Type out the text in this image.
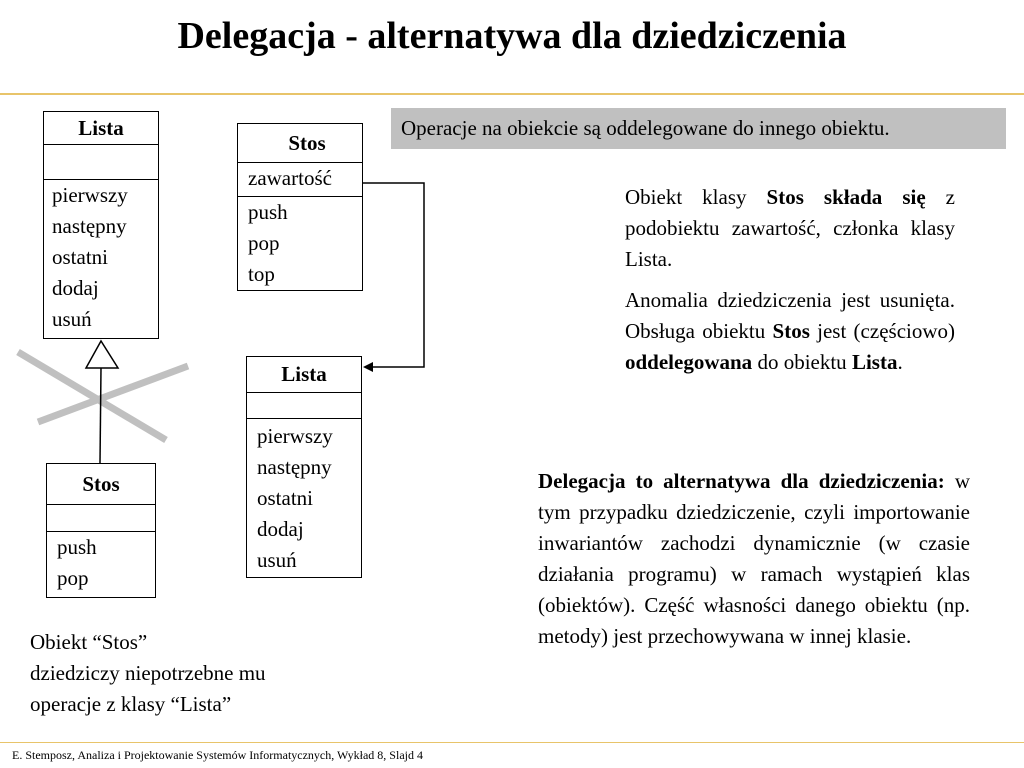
Delegacja - alternatywa dla dziedziczenia
Lista
pierwszy
następny
ostatni
dodaj
usuń
Stos
push
pop
Stos
zawartość
push
pop
top
Lista
pierwszy
następny
ostatni
dodaj
usuń
Operacje na obiekcie są oddelegowane do innego obiektu.

Obiekt klasy Stos składa się z podobiektu zawartość, członka klasy Lista.

Anomalia dziedziczenia jest usunięta. Obsługa obiektu Stos jest (częściowo) oddelegowana do obiektu Lista.

Delegacja to alternatywa dla dziedziczenia: w tym przypadku dziedziczenie, czyli importowanie inwariantów zachodzi dynamicznie (w czasie działania programu) w ramach wystąpień klas (obiektów). Część własności danego obiektu (np. metody) jest przechowywana w innej klasie.

Obiekt “Stos”
dziedziczy niepotrzebne mu
operacje z klasy “Lista”
E. Stemposz, Analiza i Projektowanie Systemów Informatycznych, Wykład 8, Slajd 4
